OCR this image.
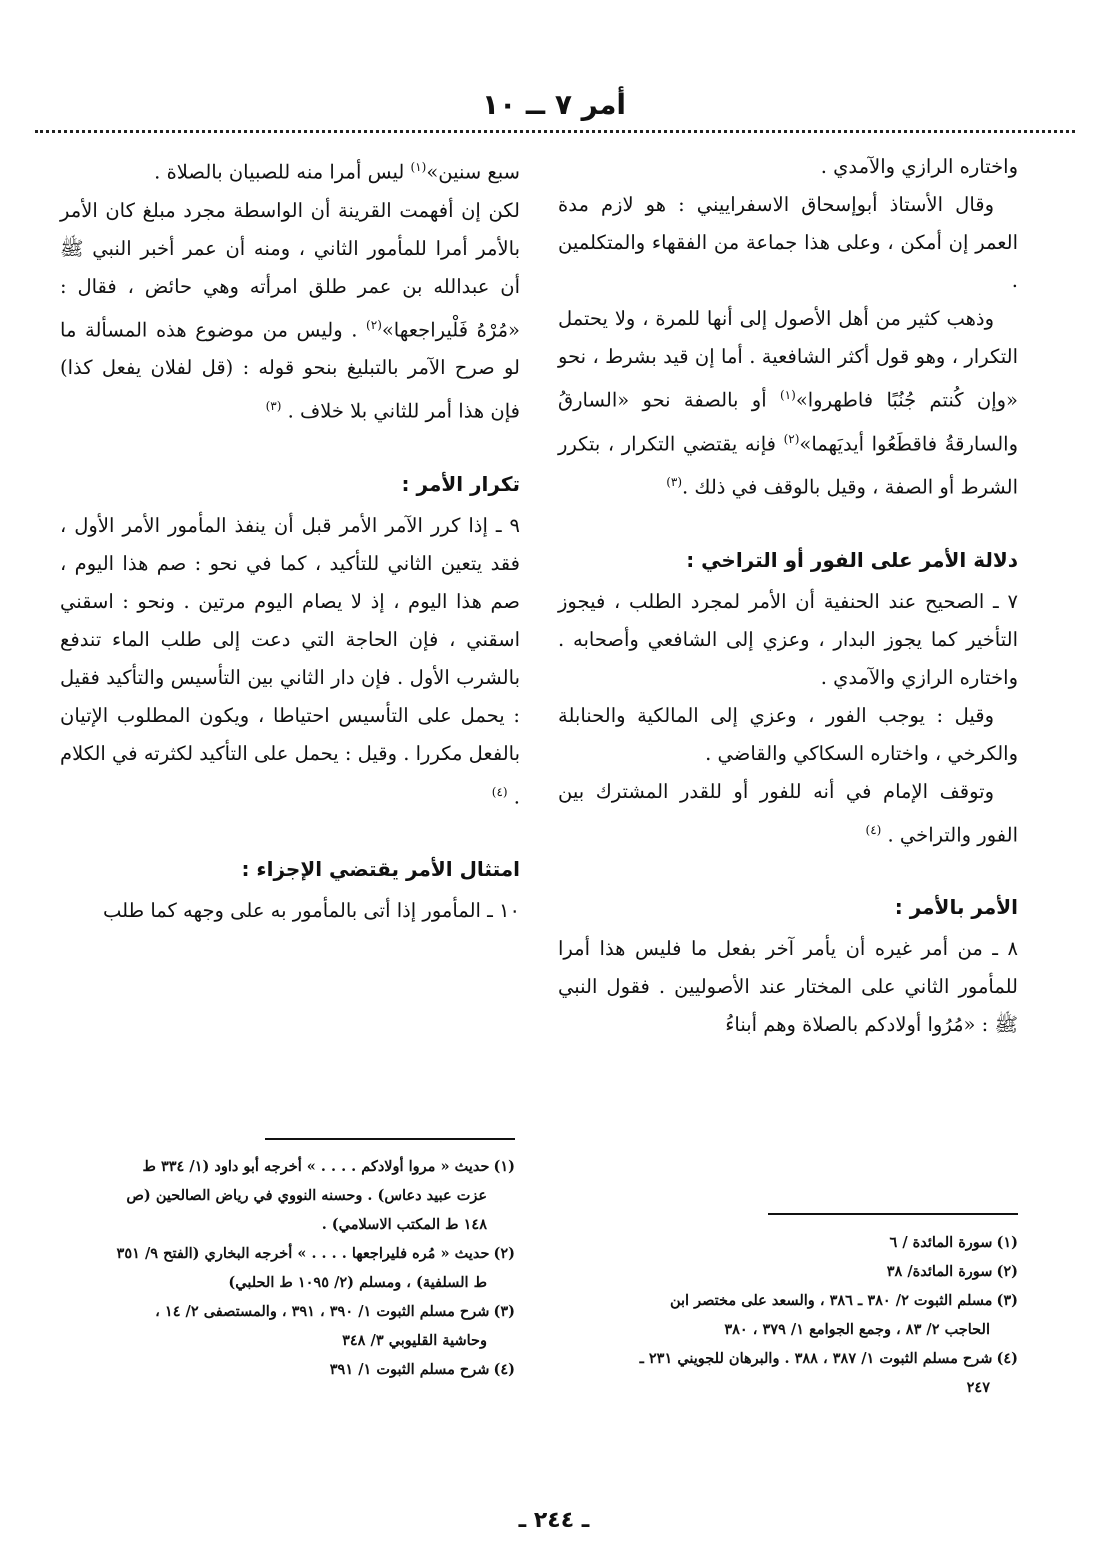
أمر ٧ ــ ١٠

واختاره الرازي والآمدي .

وقال الأستاذ أبوإسحاق الاسفراييني : هو لازم مدة العمر إن أمكن ، وعلى هذا جماعة من الفقهاء والمتكلمين .

وذهب كثير من أهل الأصول إلى أنها للمرة ، ولا يحتمل التكرار ، وهو قول أكثر الشافعية . أما إن قيد بشرط ، نحو «وإن كُنتم جُنُبًا فاطهروا»$^{(١)}$ أو بالصفة نحو «السارقُ والسارقةُ فاقطَعُوا أيديَهما»$^{(٢)}$ فإنه يقتضي التكرار ، بتكرر الشرط أو الصفة ، وقيل بالوقف في ذلك .$^{(٣)}$

دلالة الأمر على الفور أو التراخي :

٧ ـ الصحيح عند الحنفية أن الأمر لمجرد الطلب ، فيجوز التأخير كما يجوز البدار ، وعزي إلى الشافعي وأصحابه . واختاره الرازي والآمدي .

وقيل : يوجب الفور ، وعزي إلى المالكية والحنابلة والكرخي ، واختاره السكاكي والقاضي .

وتوقف الإمام في أنه للفور أو للقدر المشترك بين الفور والتراخي . $^{(٤)}$

الأمر بالأمر :

٨ ـ من أمر غيره أن يأمر آخر بفعل ما فليس هذا أمرا للمأمور الثاني على المختار عند الأصوليين . فقول النبي ﷺ : «مُرُوا أولادكم بالصلاة وهم أبناءُ

سبع سنين»$^{(١)}$ ليس أمرا منه للصبيان بالصلاة .

لكن إن أفهمت القرينة أن الواسطة مجرد مبلغ كان الأمر بالأمر أمرا للمأمور الثاني ، ومنه أن عمر أخبر النبي ﷺ أن عبدالله بن عمر طلق امرأته وهي حائض ، فقال : «مُرْهُ فَلْيراجعها»$^{(٢)}$ . وليس من موضوع هذه المسألة ما لو صرح الآمر بالتبليغ بنحو قوله : (قل لفلان يفعل كذا) فإن هذا أمر للثاني بلا خلاف . $^{(٣)}$

تكرار الأمر :

٩ ـ إذا كرر الآمر الأمر قبل أن ينفذ المأمور الأمر الأول ، فقد يتعين الثاني للتأكيد ، كما في نحو : صم هذا اليوم ، صم هذا اليوم ، إذ لا يصام اليوم مرتين . ونحو : اسقني اسقني ، فإن الحاجة التي دعت إلى طلب الماء تندفع بالشرب الأول . فإن دار الثاني بين التأسيس والتأكيد فقيل : يحمل على التأسيس احتياطا ، ويكون المطلوب الإتيان بالفعل مكررا . وقيل : يحمل على التأكيد لكثرته في الكلام . $^{(٤)}$

امتثال الأمر يقتضي الإجزاء :

١٠ ـ المأمور إذا أتى بالمأمور به على وجهه كما طلب

(١)سورة المائدة / ٦

(٢)سورة المائدة/ ٣٨

(٣)مسلم الثبوت ٢/ ٣٨٠ ـ ٣٨٦ ، والسعد على مختصر ابن
الحاجب ٢/ ٨٣ ، وجمع الجوامع ١/ ٣٧٩ ، ٣٨٠

(٤)شرح مسلم الثبوت ١/ ٣٨٧ ، ٣٨٨ . والبرهان للجويني ٢٣١ ـ
٢٤٧

(١)حديث « مروا أولادكم . . . . » أخرجه أبو داود (١/ ٣٣٤ ط
عزت عبيد دعاس) . وحسنه النووي في رياض الصالحين (ص
١٤٨ ط المكتب الاسلامي) .

(٢)حديث « مُره فليراجعها . . . . » أخرجه البخاري (الفتح ٩/ ٣٥١
ط السلفية) ، ومسلم (٢/ ١٠٩٥ ط الحلبي)

(٣)شرح مسلم الثبوت ١/ ٣٩٠ ، ٣٩١ ، والمستصفى ٢/ ١٤ ،
وحاشية القليوبي ٣/ ٣٤٨

(٤)شرح مسلم الثبوت ١/ ٣٩١

ـ ٢٤٤ ـ
